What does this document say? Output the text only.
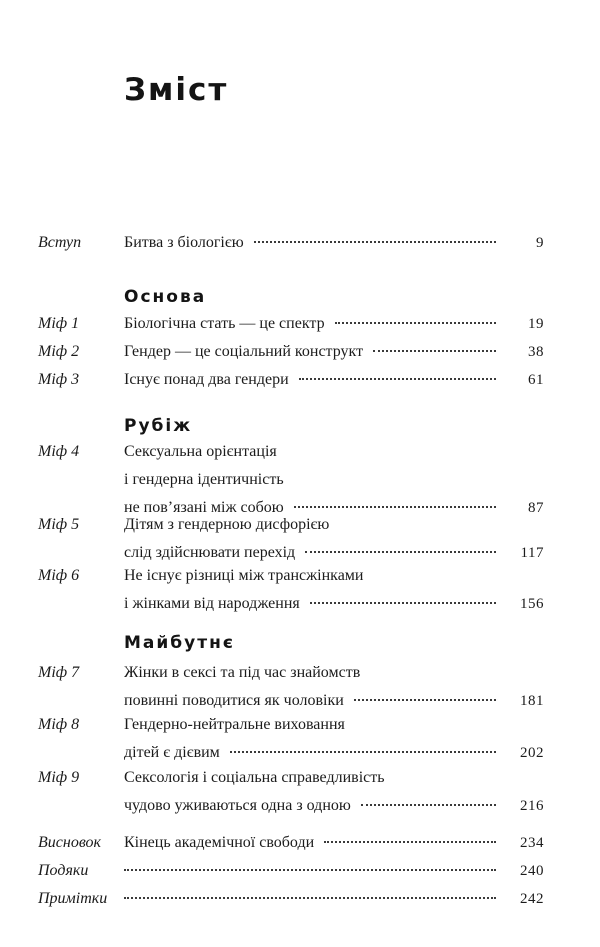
Зміст
Вступ	Битва з біологією	9
Основа
Міф 1	Біологічна стать — це спектр	19
Міф 2	Гендер — це соціальний конструкт	38
Міф 3	Існує понад два гендери	61
Рубіж
Міф 4	Сексуальна орієнтація
і гендерна ідентичність
не пов’язані між собою	87
Міф 5	Дітям з гендерною дисфорією
слід здійснювати перехід	117
Міф 6	Не існує різниці між трансжінками
і жінками від народження	156
Майбутнє
Міф 7	Жінки в сексі та під час знайомств
повинні поводитися як чоловіки	181
Міф 8	Гендерно-нейтральне виховання
дітей є дієвим	202
Міф 9	Сексологія і соціальна справедливість
чудово уживаються одна з одною	216
Висновок	Кінець академічної свободи	234
Подяки	240
Примітки	242
